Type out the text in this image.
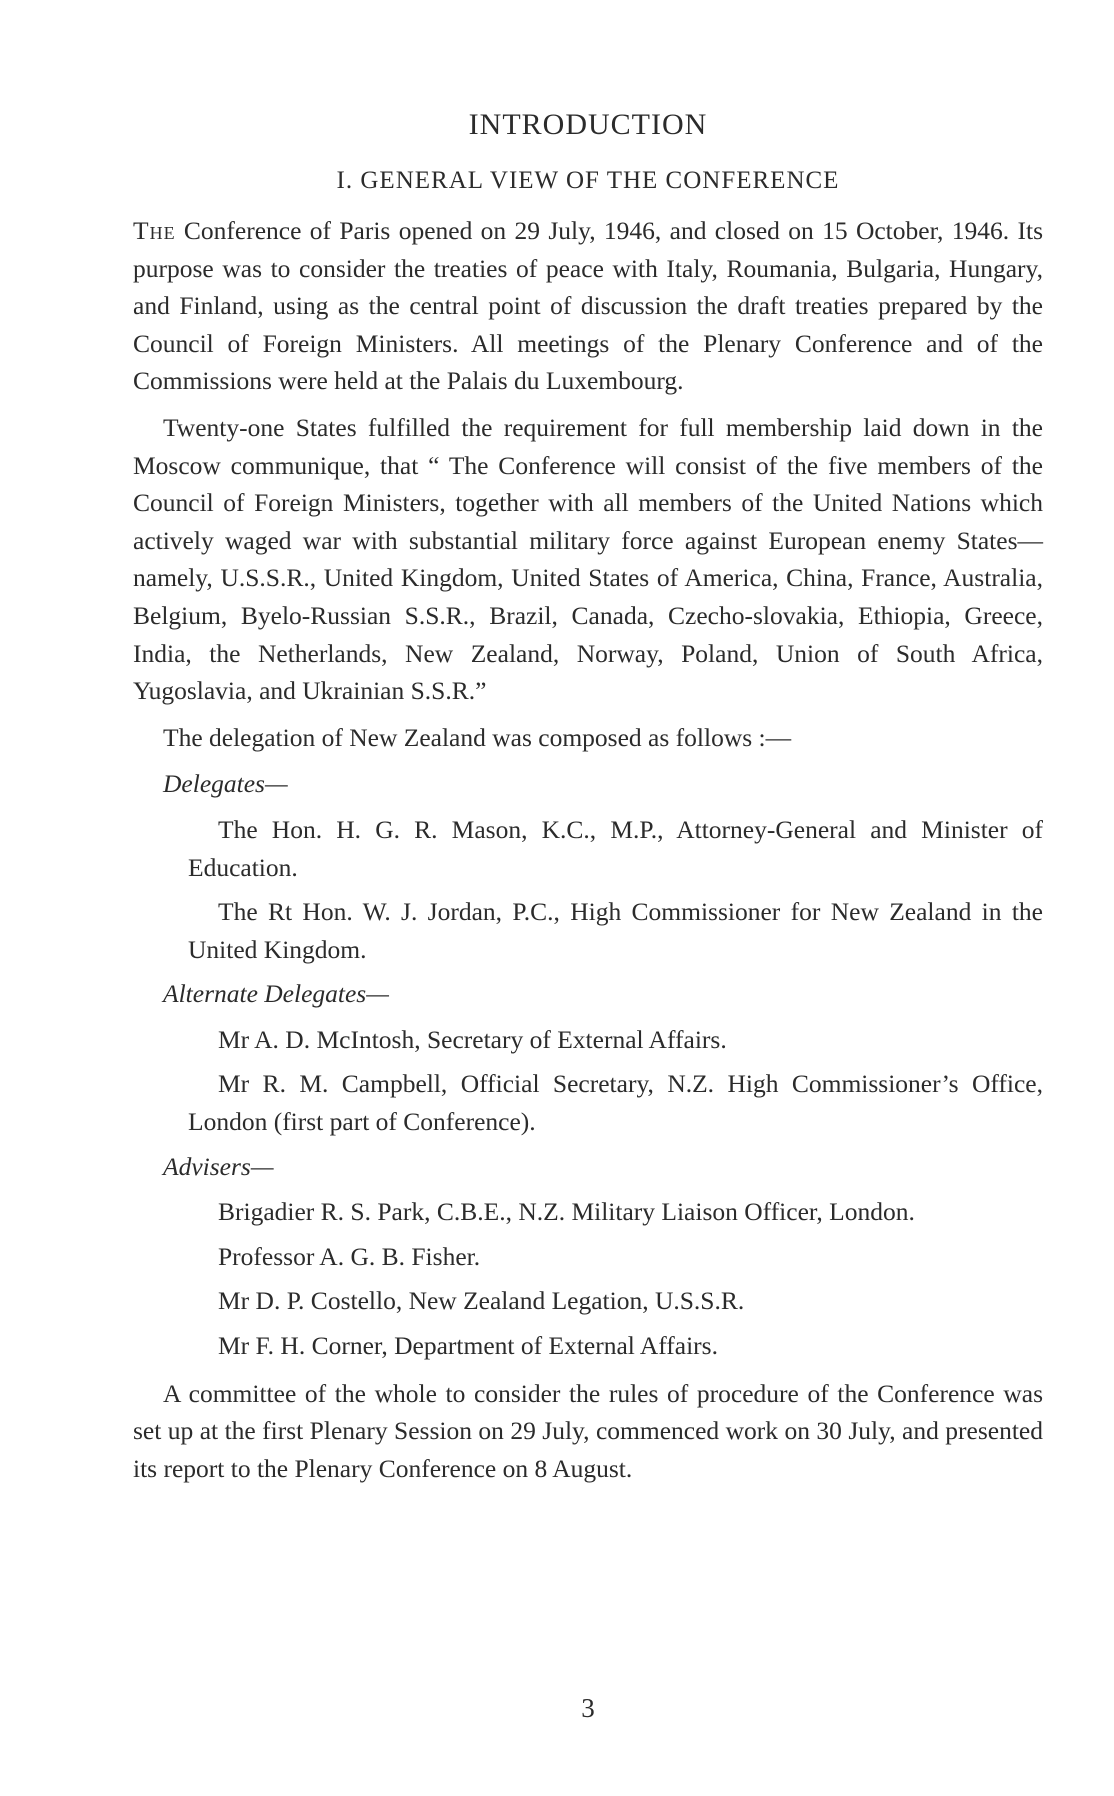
INTRODUCTION
I. GENERAL VIEW OF THE CONFERENCE

The Conference of Paris opened on 29 July, 1946, and closed on 15 October, 1946. Its purpose was to consider the treaties of peace with Italy, Roumania, Bulgaria, Hungary, and Finland, using as the central point of discussion the draft treaties prepared by the Council of Foreign Ministers. All meetings of the Plenary Conference and of the Commissions were held at the Palais du Luxembourg.

Twenty-one States fulfilled the requirement for full membership laid down in the Moscow communique, that “ The Conference will consist of the five members of the Council of Foreign Ministers, together with all members of the United Nations which actively waged war with substantial military force against European enemy States—namely, U.S.S.R., United Kingdom, United States of America, China, France, Australia, Belgium, Byelo-Russian S.S.R., Brazil, Canada, Czecho-slovakia, Ethiopia, Greece, India, the Netherlands, New Zealand, Norway, Poland, Union of South Africa, Yugoslavia, and Ukrainian S.S.R.”

The delegation of New Zealand was composed as follows :—

Delegates—

The Hon. H. G. R. Mason, K.C., M.P., Attorney-General and Minister of Education.

The Rt Hon. W. J. Jordan, P.C., High Commissioner for New Zealand in the United Kingdom.

Alternate Delegates—

Mr A. D. McIntosh, Secretary of External Affairs.

Mr R. M. Campbell, Official Secretary, N.Z. High Commissioner’s Office, London (first part of Conference).

Advisers—

Brigadier R. S. Park, C.B.E., N.Z. Military Liaison Officer, London.

Professor A. G. B. Fisher.

Mr D. P. Costello, New Zealand Legation, U.S.S.R.

Mr F. H. Corner, Department of External Affairs.

A committee of the whole to consider the rules of procedure of the Conference was set up at the first Plenary Session on 29 July, commenced work on 30 July, and presented its report to the Plenary Conference on 8 August.

3
